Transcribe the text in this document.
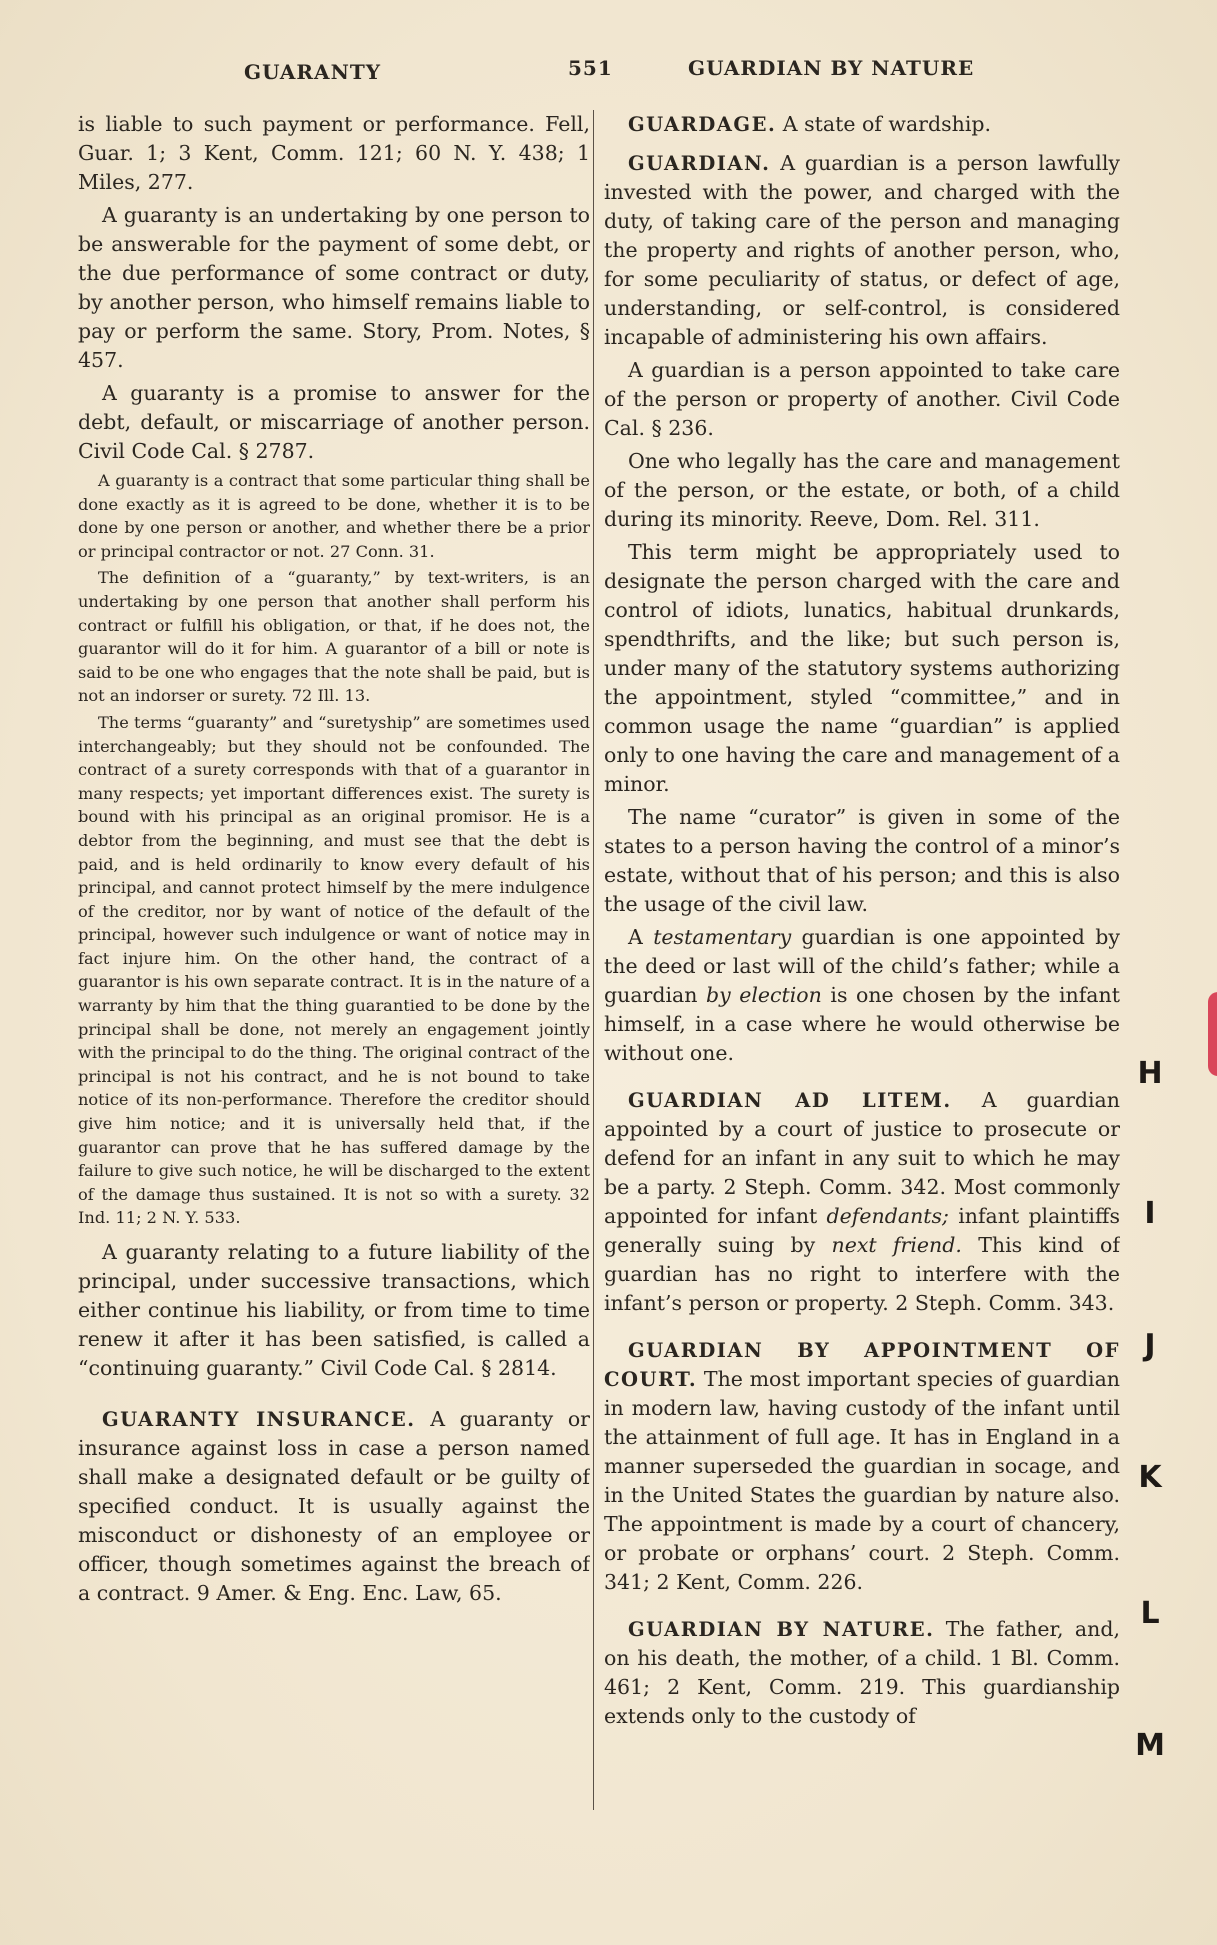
GUARANTY	551	GUARDIAN BY NATURE

is liable to such payment or performance. Fell, Guar. 1; 3 Kent, Comm. 121; 60 N. Y. 438; 1 Miles, 277.

A guaranty is an undertaking by one person to be answerable for the payment of some debt, or the due performance of some contract or duty, by another person, who himself remains liable to pay or perform the same. Story, Prom. Notes, § 457.

A guaranty is a promise to answer for the debt, default, or miscarriage of another person. Civil Code Cal. § 2787.

A guaranty is a contract that some particular thing shall be done exactly as it is agreed to be done, whether it is to be done by one person or another, and whether there be a prior or principal contractor or not. 27 Conn. 31.

The definition of a “guaranty,” by text-writers, is an undertaking by one person that another shall perform his contract or fulfill his obligation, or that, if he does not, the guarantor will do it for him. A guarantor of a bill or note is said to be one who engages that the note shall be paid, but is not an indorser or surety. 72 Ill. 13.

The terms “guaranty” and “suretyship” are sometimes used interchangeably; but they should not be confounded. The contract of a surety corresponds with that of a guarantor in many respects; yet important differences exist. The surety is bound with his principal as an original promisor. He is a debtor from the beginning, and must see that the debt is paid, and is held ordinarily to know every default of his principal, and cannot protect himself by the mere indulgence of the creditor, nor by want of notice of the default of the principal, however such indulgence or want of notice may in fact injure him. On the other hand, the contract of a guarantor is his own separate contract. It is in the nature of a warranty by him that the thing guarantied to be done by the principal shall be done, not merely an engagement jointly with the principal to do the thing. The original contract of the principal is not his contract, and he is not bound to take notice of its non-performance. Therefore the creditor should give him notice; and it is universally held that, if the guarantor can prove that he has suffered damage by the failure to give such notice, he will be discharged to the extent of the damage thus sustained. It is not so with a surety. 32 Ind. 11; 2 N. Y. 533.

A guaranty relating to a future liability of the principal, under successive transactions, which either continue his liability, or from time to time renew it after it has been satisfied, is called a “continuing guaranty.” Civil Code Cal. § 2814.

GUARANTY INSURANCE. A guaranty or insurance against loss in case a person named shall make a designated default or be guilty of specified conduct. It is usually against the misconduct or dishonesty of an employee or officer, though sometimes against the breach of a contract. 9 Amer. & Eng. Enc. Law, 65.

GUARDAGE. A state of wardship.

GUARDIAN. A guardian is a person lawfully invested with the power, and charged with the duty, of taking care of the person and managing the property and rights of another person, who, for some peculiarity of status, or defect of age, understanding, or self-control, is considered incapable of administering his own affairs.

A guardian is a person appointed to take care of the person or property of another. Civil Code Cal. § 236.

One who legally has the care and management of the person, or the estate, or both, of a child during its minority. Reeve, Dom. Rel. 311.

This term might be appropriately used to designate the person charged with the care and control of idiots, lunatics, habitual drunkards, spendthrifts, and the like; but such person is, under many of the statutory systems authorizing the appointment, styled “committee,” and in common usage the name “guardian” is applied only to one having the care and management of a minor.

The name “curator” is given in some of the states to a person having the control of a minor’s estate, without that of his person; and this is also the usage of the civil law.

A testamentary guardian is one appointed by the deed or last will of the child’s father; while a guardian by election is one chosen by the infant himself, in a case where he would otherwise be without one.

GUARDIAN AD LITEM. A guardian appointed by a court of justice to prosecute or defend for an infant in any suit to which he may be a party. 2 Steph. Comm. 342. Most commonly appointed for infant defendants; infant plaintiffs generally suing by next friend. This kind of guardian has no right to interfere with the infant’s person or property. 2 Steph. Comm. 343.

GUARDIAN BY APPOINTMENT OF COURT. The most important species of guardian in modern law, having custody of the infant until the attainment of full age. It has in England in a manner superseded the guardian in socage, and in the United States the guardian by nature also. The appointment is made by a court of chancery, or probate or orphans’ court. 2 Steph. Comm. 341; 2 Kent, Comm. 226.

GUARDIAN BY NATURE. The father, and, on his death, the mother, of a child. 1 Bl. Comm. 461; 2 Kent, Comm. 219. This guardianship extends only to the custody of

H
I
J
K
L
M
